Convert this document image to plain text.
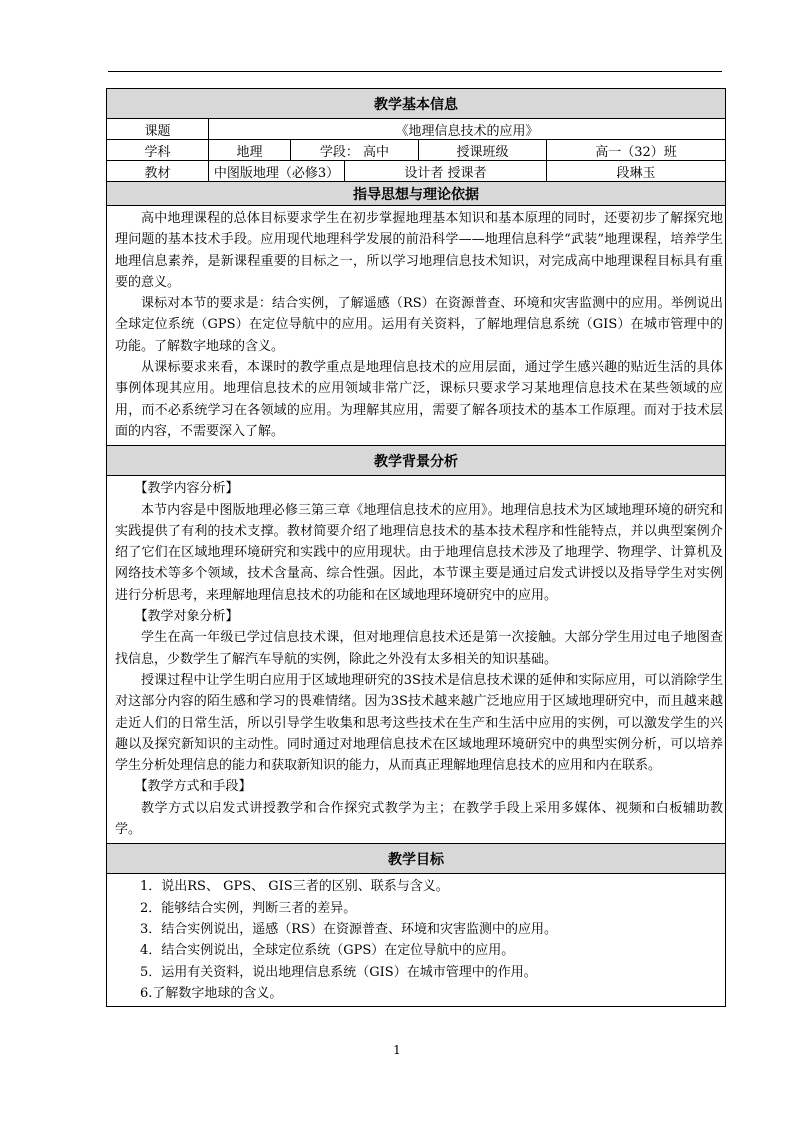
教学基本信息
课题	《地理信息技术的应用》
学科	地理	学段： 高中	授课班级	高一（32）班
教材	中图版地理（必修3）	设计者 授课者	段琳玉
指导思想与理论依据

高中地理课程的总体目标要求学生在初步掌握地理基本知识和基本原理的同时，还要初步了解探究地理问题的基本技术手段。应用现代地理科学发展的前沿科学——地理信息科学“武装”地理课程，培养学生地理信息素养，是新课程重要的目标之一，所以学习地理信息技术知识，对完成高中地理课程目标具有重要的意义。

课标对本节的要求是：结合实例，了解遥感（RS）在资源普查、环境和灾害监测中的应用。举例说出全球定位系统（GPS）在定位导航中的应用。运用有关资料，了解地理信息系统（GIS）在城市管理中的功能。了解数字地球的含义。

从课标要求来看，本课时的教学重点是地理信息技术的应用层面，通过学生感兴趣的贴近生活的具体事例体现其应用。地理信息技术的应用领域非常广泛，课标只要求学习某地理信息技术在某些领域的应用，而不必系统学习在各领域的应用。为理解其应用，需要了解各项技术的基本工作原理。而对于技术层面的内容，不需要深入了解。

教学背景分析

【教学内容分析】

本节内容是中图版地理必修三第三章《地理信息技术的应用》。地理信息技术为区域地理环境的研究和实践提供了有利的技术支撑。教材简要介绍了地理信息技术的基本技术程序和性能特点，并以典型案例介绍了它们在区域地理环境研究和实践中的应用现状。由于地理信息技术涉及了地理学、物理学、计算机及网络技术等多个领域，技术含量高、综合性强。因此，本节课主要是通过启发式讲授以及指导学生对实例进行分析思考，来理解地理信息技术的功能和在区域地理环境研究中的应用。

【教学对象分析】

学生在高一年级已学过信息技术课，但对地理信息技术还是第一次接触。大部分学生用过电子地图查找信息，少数学生了解汽车导航的实例，除此之外没有太多相关的知识基础。

授课过程中让学生明白应用于区域地理研究的3S技术是信息技术课的延伸和实际应用，可以消除学生对这部分内容的陌生感和学习的畏难情绪。因为3S技术越来越广泛地应用于区域地理研究中，而且越来越走近人们的日常生活，所以引导学生收集和思考这些技术在生产和生活中应用的实例，可以激发学生的兴趣以及探究新知识的主动性。同时通过对地理信息技术在区域地理环境研究中的典型实例分析，可以培养学生分析处理信息的能力和获取新知识的能力，从而真正理解地理信息技术的应用和内在联系。

【教学方式和手段】

教学方式以启发式讲授教学和合作探究式教学为主；在教学手段上采用多媒体、视频和白板辅助教学。

教学目标
1．说出RS、 GPS、 GIS三者的区别、联系与含义。
2．能够结合实例，判断三者的差异。
3．结合实例说出，遥感（RS）在资源普查、环境和灾害监测中的应用。
4．结合实例说出，全球定位系统（GPS）在定位导航中的应用。
5．运用有关资料，说出地理信息系统（GIS）在城市管理中的作用。
6.了解数字地球的含义。
1
